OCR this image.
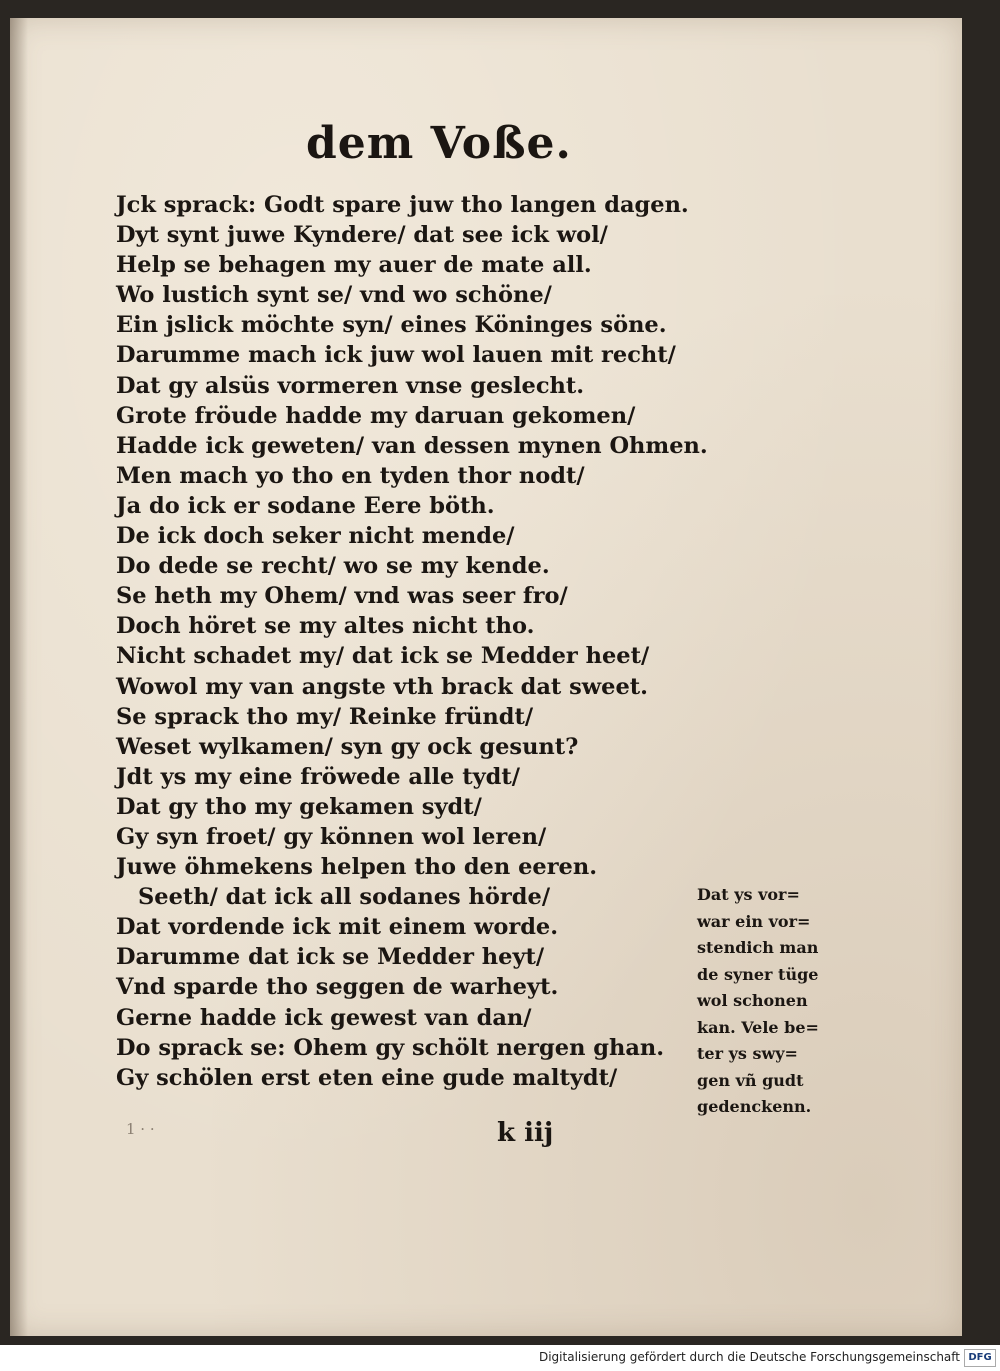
dem Voße.
Jck sprack: Godt spare juw tho langen dagen.
Dyt synt juwe Kyndere/ dat see ick wol/
Help se behagen my auer de mate all.
Wo lustich synt se/ vnd wo schöne/
Ein jslick möchte syn/ eines Köninges söne.
Darumme mach ick juw wol lauen mit recht/
Dat gy alsüs vormeren vnse geslecht.
Grote fröude hadde my daruan gekomen/
Hadde ick geweten/ van dessen mynen Ohmen.
Men mach yo tho en tyden thor nodt/
Ja do ick er sodane Eere böth.
De ick doch seker nicht mende/
Do dede se recht/ wo se my kende.
Se heth my Ohem/ vnd was seer fro/
Doch höret se my altes nicht tho.
Nicht schadet my/ dat ick se Medder heet/
Wowol my van angste vth brack dat sweet.
Se sprack tho my/ Reinke fründt/
Weset wylkamen/ syn gy ock gesunt?
Jdt ys my eine fröwede alle tydt/
Dat gy tho my gekamen sydt/
Gy syn froet/ gy können wol leren/
Juwe öhmekens helpen tho den eeren.
Seeth/ dat ick all sodanes hörde/
Dat vordende ick mit einem worde.
Darumme dat ick se Medder heyt/
Vnd sparde tho seggen de warheyt.
Gerne hadde ick gewest van dan/
Do sprack se: Ohem gy schölt nergen ghan.
Gy schölen erst eten eine gude maltydt/
Dat ys vor=
war ein vor=
stendich man
de syner tüge
wol schonen
kan. Vele be=
ter ys swy=
gen vñ gudt
gedenckenn.
1 · ·	k iij
Digitalisierung gefördert durch die Deutsche Forschungsgemeinschaft DFG
